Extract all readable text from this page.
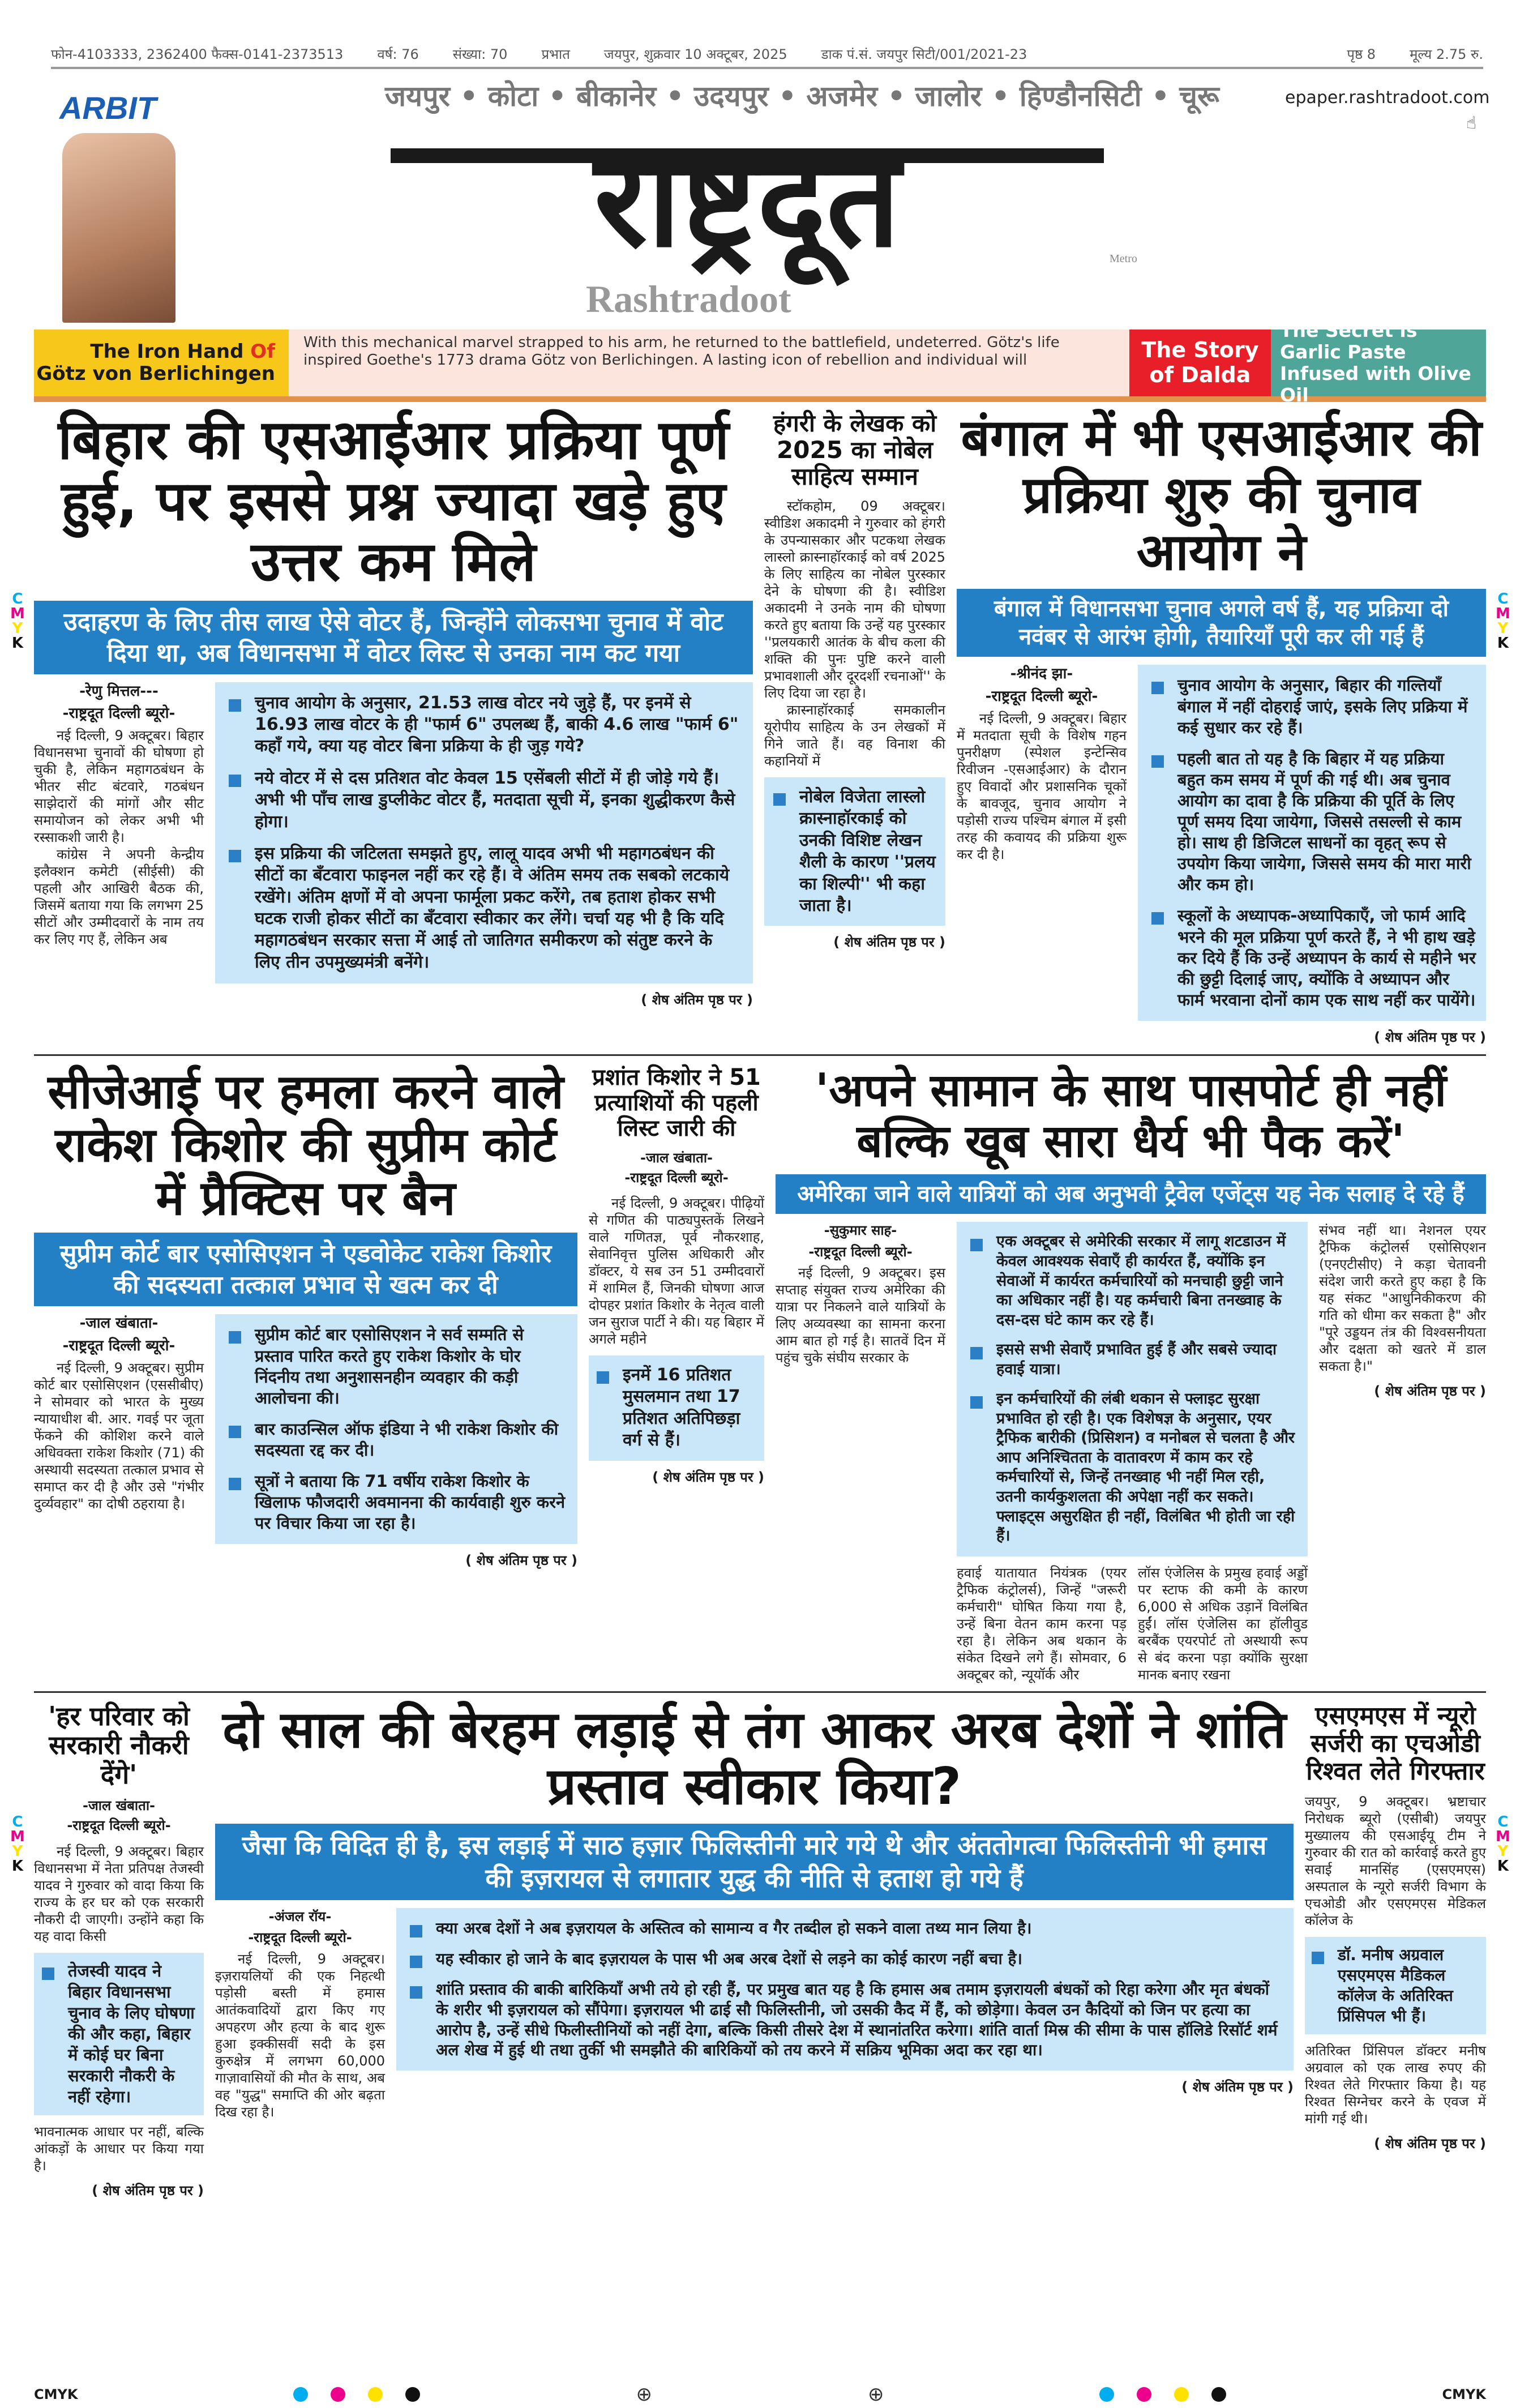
फोन-4103333, 2362400 फैक्स-0141-2373513	वर्ष: 76	संख्या: 70	प्रभात	जयपुर, शुक्रवार 10 अक्टूबर, 2025	डाक पं.सं. जयपुर सिटी/001/2021-23	पृष्ठ 8	मूल्य 2.75 रु.
ARBIT	जयपुर • कोटा • बीकानेर • उदयपुर • अजमेर • जालोर • हिण्डौनसिटी • चूरू
राष्ट्रदूत	Metro
Rashtradoot
epaper.rashtradoot.com
☝
The Iron Hand Of
Götz von Berlichingen
With this mechanical marvel strapped to his arm, he returned to the battlefield, undeterred. Götz's life inspired Goethe's 1773 drama Götz von Berlichingen. A lasting icon of rebellion and individual will	The Story of Dalda
The Secret is Garlic Paste Infused with Olive Oil
C
M
Y
K
C
M
Y
K
C
M
Y
K
C
M
Y
K
बिहार की एसआईआर प्रक्रिया पूर्ण हुई, पर इससे प्रश्न ज्यादा खड़े हुए उत्तर कम मिले
उदाहरण के लिए तीस लाख ऐसे वोटर हैं, जिन्होंने लोकसभा चुनाव में वोट दिया था, अब विधानसभा में वोटर लिस्ट से उनका नाम कट गया
-रेणु मित्तल---
-राष्ट्रदूत दिल्ली ब्यूरो-

नई दिल्ली, 9 अक्टूबर। बिहार विधानसभा चुनावों की घोषणा हो चुकी है, लेकिन महागठबंधन के भीतर सीट बंटवारे, गठबंधन साझेदारों की मांगों और सीट समायोजन को लेकर अभी भी रस्साकशी जारी है।

कांग्रेस ने अपनी केन्द्रीय इलैक्शन कमेटी (सीईसी) की पहली और आखिरी बैठक की, जिसमें बताया गया कि लगभग 25 सीटों और उम्मीदवारों के नाम तय कर लिए गए हैं, लेकिन अब

चुनाव आयोग के अनुसार, 21.53 लाख वोटर नये जुड़े हैं, पर इनमें से 16.93 लाख वोटर के ही "फार्म 6" उपलब्ध हैं, बाकी 4.6 लाख "फार्म 6" कहाँ गये, क्या यह वोटर बिना प्रक्रिया के ही जुड़ गये?
नये वोटर में से दस प्रतिशत वोट केवल 15 एसेंबली सीटों में ही जोड़े गये हैं। अभी भी पाँच लाख डुप्लीकेट वोटर हैं, मतदाता सूची में, इनका शुद्धीकरण कैसे होगा।
इस प्रक्रिया की जटिलता समझते हुए, लालू यादव अभी भी महागठबंधन की सीटों का बँटवारा फाइनल नहीं कर रहे हैं। वे अंतिम समय तक सबको लटकाये रखेंगे। अंतिम क्षणों में वो अपना फार्मूला प्रकट करेंगे, तब हताश होकर सभी घटक राजी होकर सीटों का बँटवारा स्वीकार कर लेंगे। चर्चा यह भी है कि यदि महागठबंधन सरकार सत्ता में आई तो जातिगत समीकरण को संतुष्ट करने के लिए तीन उपमुख्यमंत्री बनेंगे।
( शेष अंतिम पृष्ठ पर )
हंगरी के लेखक को 2025 का नोबेल साहित्य सम्मान

स्टॉकहोम, 09 अक्टूबर। स्वीडिश अकादमी ने गुरुवार को हंगरी के उपन्यासकार और पटकथा लेखक लास्लो क्रास्नाहॉरकाई को वर्ष 2025 के लिए साहित्य का नोबेल पुरस्कार देने के घोषणा की है। स्वीडिश अकादमी ने उनके नाम की घोषणा करते हुए बताया कि उन्हें यह पुरस्कार ''प्रलयकारी आतंक के बीच कला की शक्ति की पुनः पुष्टि करने वाली प्रभावशाली और दूरदर्शी रचनाओं'' के लिए दिया जा रहा है।

क्रास्नाहॉरकाई समकालीन यूरोपीय साहित्य के उन लेखकों में गिने जाते हैं। वह विनाश की कहानियों में

नोबेल विजेता लास्लो क्रास्नाहॉरकाई को उनकी विशिष्ट लेखन शैली के कारण ''प्रलय का शिल्पी'' भी कहा जाता है।
( शेष अंतिम पृष्ठ पर )
बंगाल में भी एसआईआर की प्रक्रिया शुरु की चुनाव आयोग ने
बंगाल में विधानसभा चुनाव अगले वर्ष हैं, यह प्रक्रिया दो नवंबर से आरंभ होगी, तैयारियाँ पूरी कर ली गई हैं
-श्रीनंद झा-
-राष्ट्रदूत दिल्ली ब्यूरो-

नई दिल्ली, 9 अक्टूबर। बिहार में मतदाता सूची के विशेष गहन पुनरीक्षण (स्पेशल इन्टेन्सिव रिवीजन -एसआईआर) के दौरान हुए विवादों और प्रशासनिक चूकों के बावजूद, चुनाव आयोग ने पड़ोसी राज्य पश्चिम बंगाल में इसी तरह की कवायद की प्रक्रिया शुरू कर दी है।

चुनाव आयोग के अनुसार, बिहार की गल्तियाँ बंगाल में नहीं दोहराई जाएं, इसके लिए प्रक्रिया में कई सुधार कर रहे हैं।
पहली बात तो यह है कि बिहार में यह प्रक्रिया बहुत कम समय में पूर्ण की गई थी। अब चुनाव आयोग का दावा है कि प्रक्रिया की पूर्ति के लिए पूर्ण समय दिया जायेगा, जिससे तसल्ली से काम हो। साथ ही डिजिटल साधनों का वृहत् रूप से उपयोग किया जायेगा, जिससे समय की मारा मारी और कम हो।
स्कूलों के अध्यापक-अध्यापिकाएँ, जो फार्म आदि भरने की मूल प्रक्रिया पूर्ण करते हैं, ने भी हाथ खड़े कर दिये हैं कि उन्हें अध्यापन के कार्य से महीने भर की छुट्टी दिलाई जाए, क्योंकि वे अध्यापन और फार्म भरवाना दोनों काम एक साथ नहीं कर पायेंगे।
( शेष अंतिम पृष्ठ पर )
सीजेआई पर हमला करने वाले राकेश किशोर की सुप्रीम कोर्ट में प्रैक्टिस पर बैन
सुप्रीम कोर्ट बार एसोसिएशन ने एडवोकेट राकेश किशोर की सदस्यता तत्काल प्रभाव से खत्म कर दी
-जाल खंबाता-
-राष्ट्रदूत दिल्ली ब्यूरो-

नई दिल्ली, 9 अक्टूबर। सुप्रीम कोर्ट बार एसोसिएशन (एससीबीए) ने सोमवार को भारत के मुख्य न्यायाधीश बी. आर. गवई पर जूता फेंकने की कोशिश करने वाले अधिवक्ता राकेश किशोर (71) की अस्थायी सदस्यता तत्काल प्रभाव से समाप्त कर दी है और उसे "गंभीर दुर्व्यवहार" का दोषी ठहराया है।

सुप्रीम कोर्ट बार एसोसिएशन ने सर्व सम्मति से प्रस्ताव पारित करते हुए राकेश किशोर के घोर निंदनीय तथा अनुशासनहीन व्यवहार की कड़ी आलोचना की।
बार काउन्सिल ऑफ इंडिया ने भी राकेश किशोर की सदस्यता रद्द कर दी।
सूत्रों ने बताया कि 71 वर्षीय राकेश किशोर के खिलाफ फौजदारी अवमानना की कार्यवाही शुरु करने पर विचार किया जा रहा है।
( शेष अंतिम पृष्ठ पर )
प्रशांत किशोर ने 51 प्रत्याशियों की पहली लिस्ट जारी की
-जाल खंबाता-
-राष्ट्रदूत दिल्ली ब्यूरो-

नई दिल्ली, 9 अक्टूबर। पीढ़ियों से गणित की पाठ्यपुस्तकें लिखने वाले गणितज्ञ, पूर्व नौकरशाह, सेवानिवृत्त पुलिस अधिकारी और डॉक्टर, ये सब उन 51 उम्मीदवारों में शामिल हैं, जिनकी घोषणा आज दोपहर प्रशांत किशोर के नेतृत्व वाली जन सुराज पार्टी ने की। यह बिहार में अगले महीने

इनमें 16 प्रतिशत मुसलमान तथा 17 प्रतिशत अतिपिछड़ा वर्ग से हैं।
( शेष अंतिम पृष्ठ पर )
'अपने सामान के साथ पासपोर्ट ही नहीं बल्कि खूब सारा धैर्य भी पैक करें'
अमेरिका जाने वाले यात्रियों को अब अनुभवी ट्रैवेल एजेंट्स यह नेक सलाह दे रहे हैं
-सुकुमार साह-
-राष्ट्रदूत दिल्ली ब्यूरो-

नई दिल्ली, 9 अक्टूबर। इस सप्ताह संयुक्त राज्य अमेरिका की यात्रा पर निकलने वाले यात्रियों के लिए अव्यवस्था का सामना करना आम बात हो गई है। सातवें दिन में पहुंच चुके संघीय सरकार के

एक अक्टूबर से अमेरिकी सरकार में लागू शटडाउन में केवल आवश्यक सेवाएँ ही कार्यरत हैं, क्योंकि इन सेवाओं में कार्यरत कर्मचारियों को मनचाही छुट्टी जाने का अधिकार नहीं है। यह कर्मचारी बिना तनख्वाह के दस-दस घंटे काम कर रहे हैं।
इससे सभी सेवाएँ प्रभावित हुई हैं और सबसे ज्यादा हवाई यात्रा।
इन कर्मचारियों की लंबी थकान से फ्लाइट सुरक्षा प्रभावित हो रही है। एक विशेषज्ञ के अनुसार, एयर ट्रैफिक बारीकी (प्रिसिशन) व मनोबल से चलता है और आप अनिश्चितता के वातावरण में काम कर रहे कर्मचारियों से, जिन्हें तनख्वाह भी नहीं मिल रही, उतनी कार्यकुशलता की अपेक्षा नहीं कर सकते। फ्लाइट्स असुरक्षित ही नहीं, विलंबित भी होती जा रही हैं।
हवाई यातायात नियंत्रक (एयर ट्रैफिक कंट्रोलर्स), जिन्हें "जरूरी कर्मचारी" घोषित किया गया है, उन्हें बिना वेतन काम करना पड़ रहा है। लेकिन अब थकान के संकेत दिखने लगे हैं। सोमवार, 6 अक्टूबर को, न्यूयॉर्क और
लॉस एंजेलिस के प्रमुख हवाई अड्डों पर स्टाफ की कमी के कारण 6,000 से अधिक उड़ानें विलंबित हुईं। लॉस एंजेलिस का हॉलीवुड बरबैंक एयरपोर्ट तो अस्थायी रूप से बंद करना पड़ा क्योंकि सुरक्षा मानक बनाए रखना
संभव नहीं था। नेशनल एयर ट्रैफिक कंट्रोलर्स एसोसिएशन (एनएटीसीए) ने कड़ा चेतावनी संदेश जारी करते हुए कहा है कि यह संकट "आधुनिकीकरण की गति को धीमा कर सकता है" और "पूरे उड्डयन तंत्र की विश्वसनीयता और दक्षता को खतरे में डाल सकता है।"
( शेष अंतिम पृष्ठ पर )
'हर परिवार को सरकारी नौकरी देंगे'
-जाल खंबाता-
-राष्ट्रदूत दिल्ली ब्यूरो-

नई दिल्ली, 9 अक्टूबर। बिहार विधानसभा में नेता प्रतिपक्ष तेजस्वी यादव ने गुरुवार को वादा किया कि राज्य के हर घर को एक सरकारी नौकरी दी जाएगी। उन्होंने कहा कि यह वादा किसी

तेजस्वी यादव ने बिहार विधानसभा चुनाव के लिए घोषणा की और कहा, बिहार में कोई घर बिना सरकारी नौकरी के नहीं रहेगा।
भावनात्मक आधार पर नहीं, बल्कि आंकड़ों के आधार पर किया गया है।
( शेष अंतिम पृष्ठ पर )
दो साल की बेरहम लड़ाई से तंग आकर अरब देशों ने शांति प्रस्ताव स्वीकार किया?
जैसा कि विदित ही है, इस लड़ाई में साठ हज़ार फिलिस्तीनी मारे गये थे और अंततोगत्वा फिलिस्तीनी भी हमास की इज़रायल से लगातार युद्ध की नीति से हताश हो गये हैं
-अंजल रॉय-
-राष्ट्रदूत दिल्ली ब्यूरो-

नई दिल्ली, 9 अक्टूबर। इज़रायलियों की एक निहत्थी पड़ोसी बस्ती में हमास आतंकवादियों द्वारा किए गए अपहरण और हत्या के बाद शुरू हुआ इक्कीसवीं सदी के इस कुरुक्षेत्र में लगभग 60,000 गाज़ावासियों की मौत के साथ, अब वह "युद्ध" समाप्ति की ओर बढ़ता दिख रहा है।

क्या अरब देशों ने अब इज़रायल के अस्तित्व को सामान्य व गैर तब्दील हो सकने वाला तथ्य मान लिया है।
यह स्वीकार हो जाने के बाद इज़रायल के पास भी अब अरब देशों से लड़ने का कोई कारण नहीं बचा है।
शांति प्रस्ताव की बाकी बारिकियाँ अभी तये हो रही हैं, पर प्रमुख बात यह है कि हमास अब तमाम इज़रायली बंधकों को रिहा करेगा और मृत बंधकों के शरीर भी इज़रायल को सौंपेगा। इज़रायल भी ढाई सौ फिलिस्तीनी, जो उसकी कैद में हैं, को छोड़ेगा। केवल उन कैदियों को जिन पर हत्या का आरोप है, उन्हें सीधे फिलीस्तीनियों को नहीं देगा, बल्कि किसी तीसरे देश में स्थानांतरित करेगा। शांति वार्ता मिस्र की सीमा के पास हॉलिडे रिसॉर्ट शर्म अल शेख में हुई थी तथा तुर्की भी समझौते की बारिकियों को तय करने में सक्रिय भूमिका अदा कर रहा था।
( शेष अंतिम पृष्ठ पर )
एसएमएस में न्यूरो सर्जरी का एचओडी रिश्वत लेते गिरफ्तार
जयपुर, 9 अक्टूबर। भ्रष्टाचार निरोधक ब्यूरो (एसीबी) जयपुर मुख्यालय की एसआईयू टीम ने गुरुवार की रात को कार्रवाई करते हुए सवाई मानसिंह (एसएमएस) अस्पताल के न्यूरो सर्जरी विभाग के एचओडी और एसएमएस मेडिकल कॉलेज के
डॉ. मनीष अग्रवाल एसएमएस मैडिकल कॉलेज के अतिरिक्त प्रिंसिपल भी हैं।
अतिरिक्त प्रिंसिपल डॉक्टर मनीष अग्रवाल को एक लाख रुपए की रिश्वत लेते गिरफ्तार किया है। यह रिश्वत सिग्नेचर करने के एवज में मांगी गई थी।
( शेष अंतिम पृष्ठ पर )
CMYK	⊕	⊕	CMYK
